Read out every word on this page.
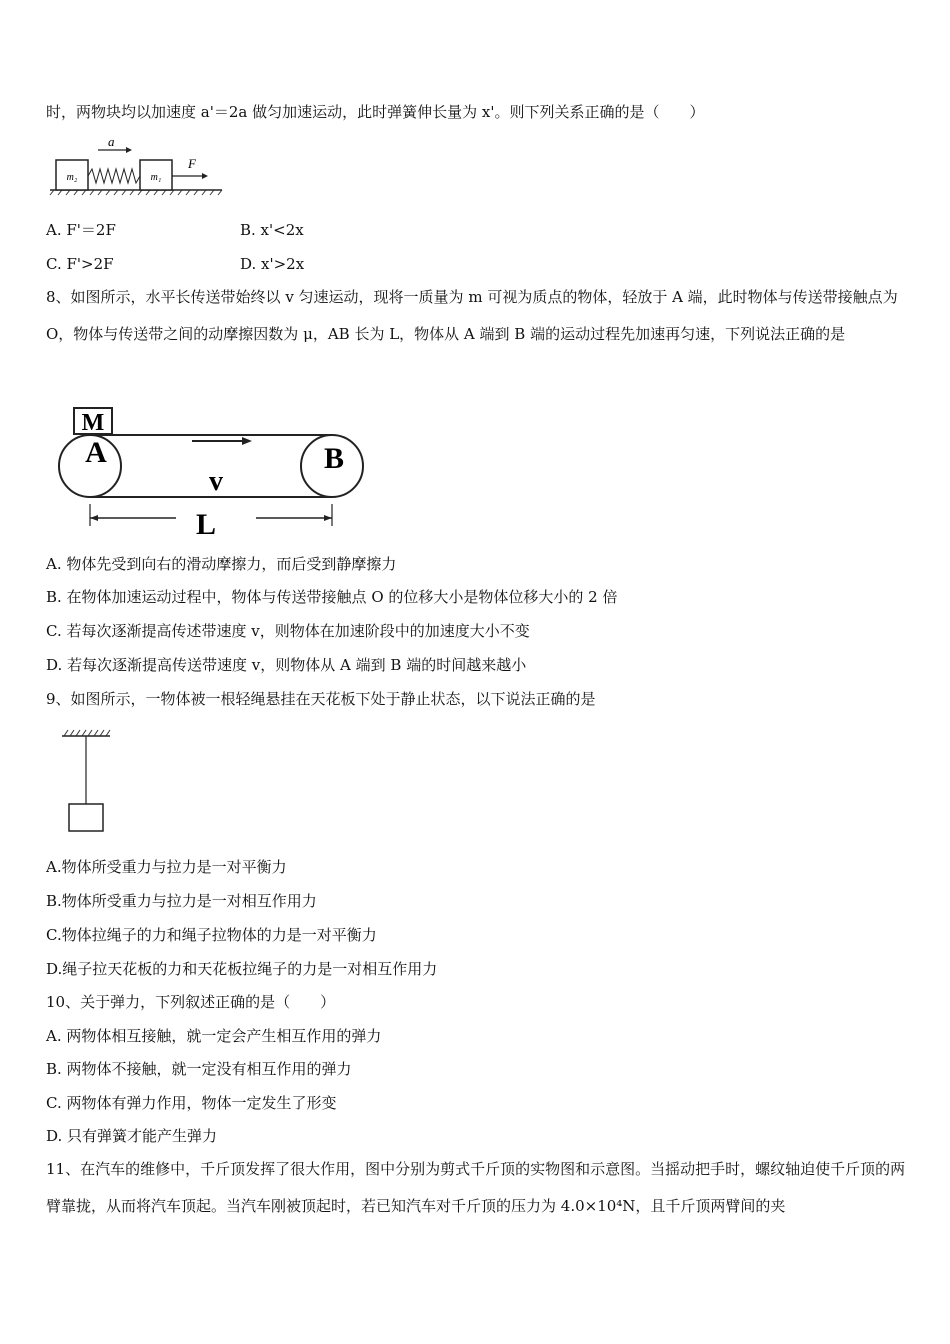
时，两物块均以加速度 a'＝2a 做匀加速运动，此时弹簧伸长量为 x'。则下列关系正确的是（　　）
m₂	m₁
F
a
A. F'＝2F	B. x'<2x
C. F'>2F	D. x'>2x
8、如图所示，水平长传送带始终以 v 匀速运动，现将一质量为 m 可视为质点的物体，轻放于 A 端，此时物体与传送带接触点为 O，物体与传送带之间的动摩擦因数为 μ，AB 长为 L，物体从 A 端到 B 端的运动过程先加速再匀速，下列说法正确的是
M
A	B
v
L
A. 物体先受到向右的滑动摩擦力，而后受到静摩擦力
B. 在物体加速运动过程中，物体与传送带接触点 O 的位移大小是物体位移大小的 2 倍
C. 若每次逐渐提高传述带速度 v，则物体在加速阶段中的加速度大小不变
D. 若每次逐渐提高传送带速度 v，则物体从 A 端到 B 端的时间越来越小
9、如图所示，一物体被一根轻绳悬挂在天花板下处于静止状态，以下说法正确的是
A.物体所受重力与拉力是一对平衡力
B.物体所受重力与拉力是一对相互作用力
C.物体拉绳子的力和绳子拉物体的力是一对平衡力
D.绳子拉天花板的力和天花板拉绳子的力是一对相互作用力
10、关于弹力，下列叙述正确的是（　　）
A. 两物体相互接触，就一定会产生相互作用的弹力
B. 两物体不接触，就一定没有相互作用的弹力
C. 两物体有弹力作用，物体一定发生了形变
D. 只有弹簧才能产生弹力
11、在汽车的维修中，千斤顶发挥了很大作用，图中分别为剪式千斤顶的实物图和示意图。当摇动把手时，螺纹轴迫使千斤顶的两臂靠拢，从而将汽车顶起。当汽车刚被顶起时，若已知汽车对千斤顶的压力为 4.0×10⁴N，且千斤顶两臂间的夹
